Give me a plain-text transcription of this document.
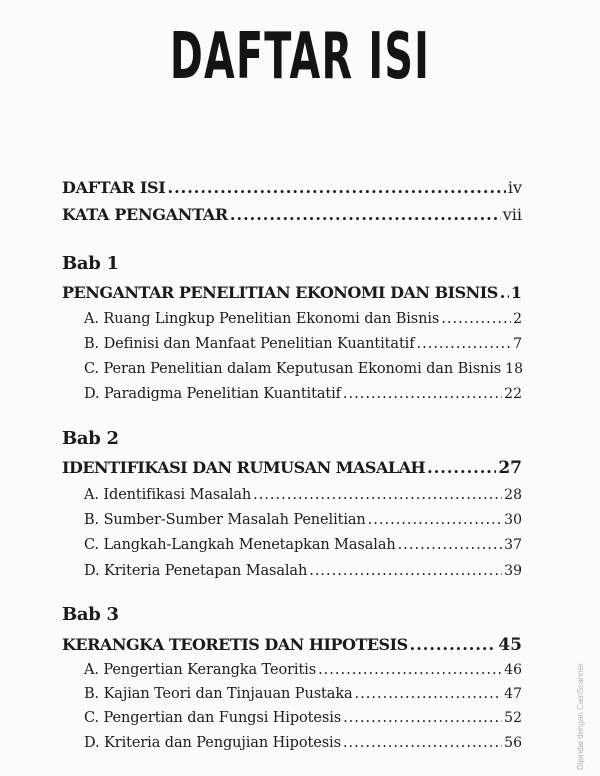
DAFTAR ISI
DAFTAR ISI .....	iv
KATA PENGANTAR .....	vii
Bab 1
PENGANTAR PENELITIAN EKONOMI DAN BISNIS ..... 1
A. Ruang Lingkup Penelitian Ekonomi dan Bisnis .....	2
B. Definisi dan Manfaat Penelitian Kuantitatif .....	7
C. Peran Penelitian dalam Keputusan Ekonomi dan Bisnis 18
D. Paradigma Penelitian Kuantitatif .....	22
Bab 2
IDENTIFIKASI DAN RUMUSAN MASALAH .....	27
A. Identifikasi Masalah .....	28
B. Sumber-Sumber Masalah Penelitian .....	30
C. Langkah-Langkah Menetapkan Masalah .....	37
D. Kriteria Penetapan Masalah .....	39
Bab 3
KERANGKA TEORETIS DAN HIPOTESIS .....	45
A. Pengertian Kerangka Teoritis .....	46
B. Kajian Teori dan Tinjauan Pustaka .....	47
C. Pengertian dan Fungsi Hipotesis .....	52
D. Kriteria dan Pengujian Hipotesis .....	56	Dipindai dengan CamScanner
